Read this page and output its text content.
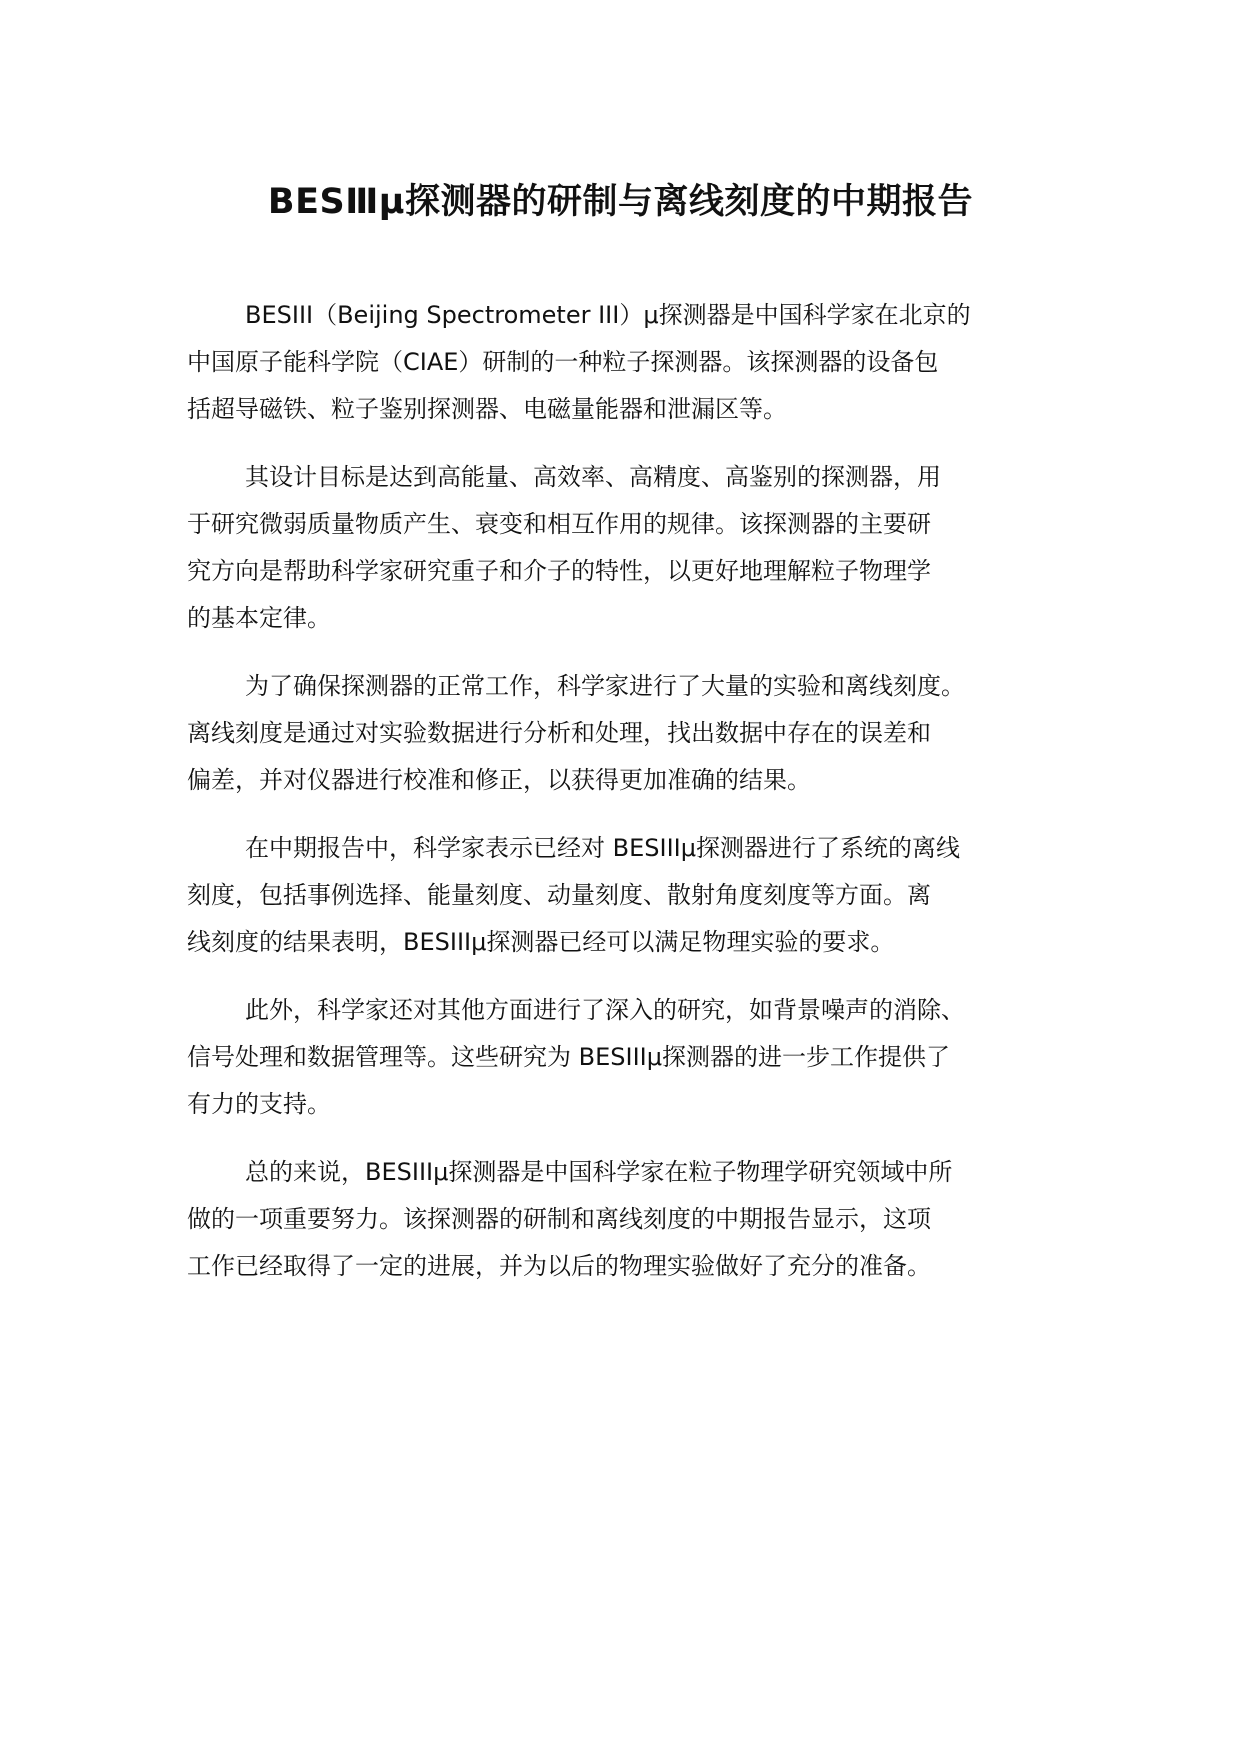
BESⅢμ探测器的研制与离线刻度的中期报告

BESIII（Beijing Spectrometer III）μ探测器是中国科学家在北京的
中国原子能科学院（CIAE）研制的一种粒子探测器。该探测器的设备包
括超导磁铁、粒子鉴别探测器、电磁量能器和泄漏区等。

其设计目标是达到高能量、高效率、高精度、高鉴别的探测器，用
于研究微弱质量物质产生、衰变和相互作用的规律。该探测器的主要研
究方向是帮助科学家研究重子和介子的特性，以更好地理解粒子物理学
的基本定律。

为了确保探测器的正常工作，科学家进行了大量的实验和离线刻度。
离线刻度是通过对实验数据进行分析和处理，找出数据中存在的误差和
偏差，并对仪器进行校准和修正，以获得更加准确的结果。

在中期报告中，科学家表示已经对 BESIIIμ探测器进行了系统的离线
刻度，包括事例选择、能量刻度、动量刻度、散射角度刻度等方面。离
线刻度的结果表明，BESIIIμ探测器已经可以满足物理实验的要求。

此外，科学家还对其他方面进行了深入的研究，如背景噪声的消除、
信号处理和数据管理等。这些研究为 BESIIIμ探测器的进一步工作提供了
有力的支持。

总的来说，BESIIIμ探测器是中国科学家在粒子物理学研究领域中所
做的一项重要努力。该探测器的研制和离线刻度的中期报告显示，这项
工作已经取得了一定的进展，并为以后的物理实验做好了充分的准备。
